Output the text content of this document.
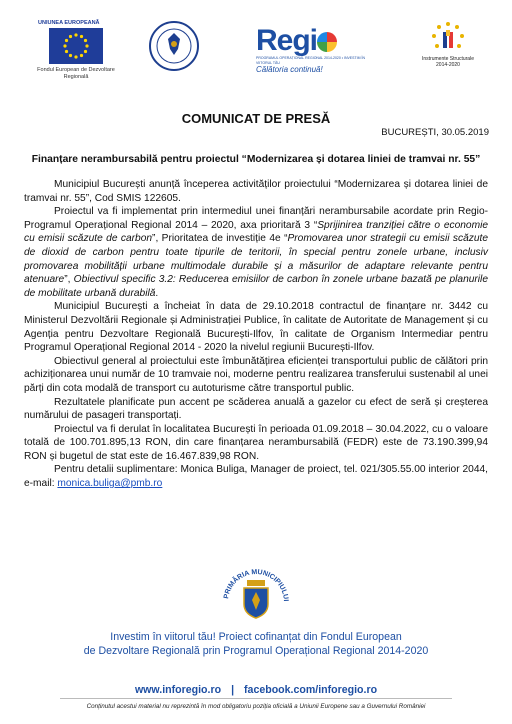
UNIUNEA EUROPEANĂ
Fondul European de Dezvoltare Regională
Regi
PROGRAMUL OPERAȚIONAL REGIONAL 2014-2020 • INVESTIM ÎN VIITORUL TĂU
Călătoria continuă!
Instrumente Structurale 2014-2020
COMUNICAT DE PRESĂ
BUCUREȘTI, 30.05.2019
Finanțare nerambursabilă pentru proiectul “Modernizarea și dotarea liniei de tramvai nr. 55”

Municipiul București anunță începerea activităților proiectului “Modernizarea și dotarea liniei de tramvai nr. 55”, Cod SMIS 122605.

Proiectul va fi implementat prin intermediul unei finanțări nerambursabile acordate prin Regio-Programul Operațional Regional 2014 – 2020, axa prioritară 3 “Sprijinirea tranziției către o economie cu emisii scăzute de carbon”, Prioritatea de investiție 4e “Promovarea unor strategii cu emisii scăzute de dioxid de carbon pentru toate tipurile de teritorii, în special pentru zonele urbane, inclusiv promovarea mobilității urbane multimodale durabile și a măsurilor de adaptare relevante pentru atenuare”, Obiectivul specific 3.2: Reducerea emisiilor de carbon în zonele urbane bazată pe planurile de mobilitate urbană durabilă.

Municipiul București a încheiat în data de 29.10.2018 contractul de finanțare nr. 3442 cu Ministerul Dezvoltării Regionale și Administrației Publice, în calitate de Autoritate de Management și cu Agenția pentru Dezvoltare Regională București-Ilfov, în calitate de Organism Intermediar pentru Programul Operațional Regional 2014 - 2020 la nivelul regiunii București-Ilfov.

Obiectivul general al proiectului este îmbunătățirea eficienței transportului public de călători prin achiziționarea unui număr de 10 tramvaie noi, moderne pentru realizarea transferului sustenabil al unei părți din cota modală de transport cu autoturisme către transportul public.

Rezultatele planificate pun accent pe scăderea anuală a gazelor cu efect de seră și creșterea numărului de pasageri transportați.

Proiectul va fi derulat în localitatea București în perioada 01.09.2018 – 30.04.2022, cu o valoare totală de 100.701.895,13 RON, din care finanțarea nerambursabilă (FEDR) este de 73.190.399,94 RON și bugetul de stat este de 16.467.839,98 RON.

Pentru detalii suplimentare: Monica Buliga, Manager de proiect, tel. 021/305.55.00 interior 2044, e-mail: monica.buliga@pmb.ro

PRIMĂRIA MUNICIPIULUI
Investim în viitorul tău! Proiect cofinanțat din Fondul European
de Dezvoltare Regională prin Programul Operațional Regional 2014-2020
www.inforegio.ro | facebook.com/inforegio.ro
Conținutul acestui material nu reprezintă în mod obligatoriu poziția oficială a Uniunii Europene sau a Guvernului României
